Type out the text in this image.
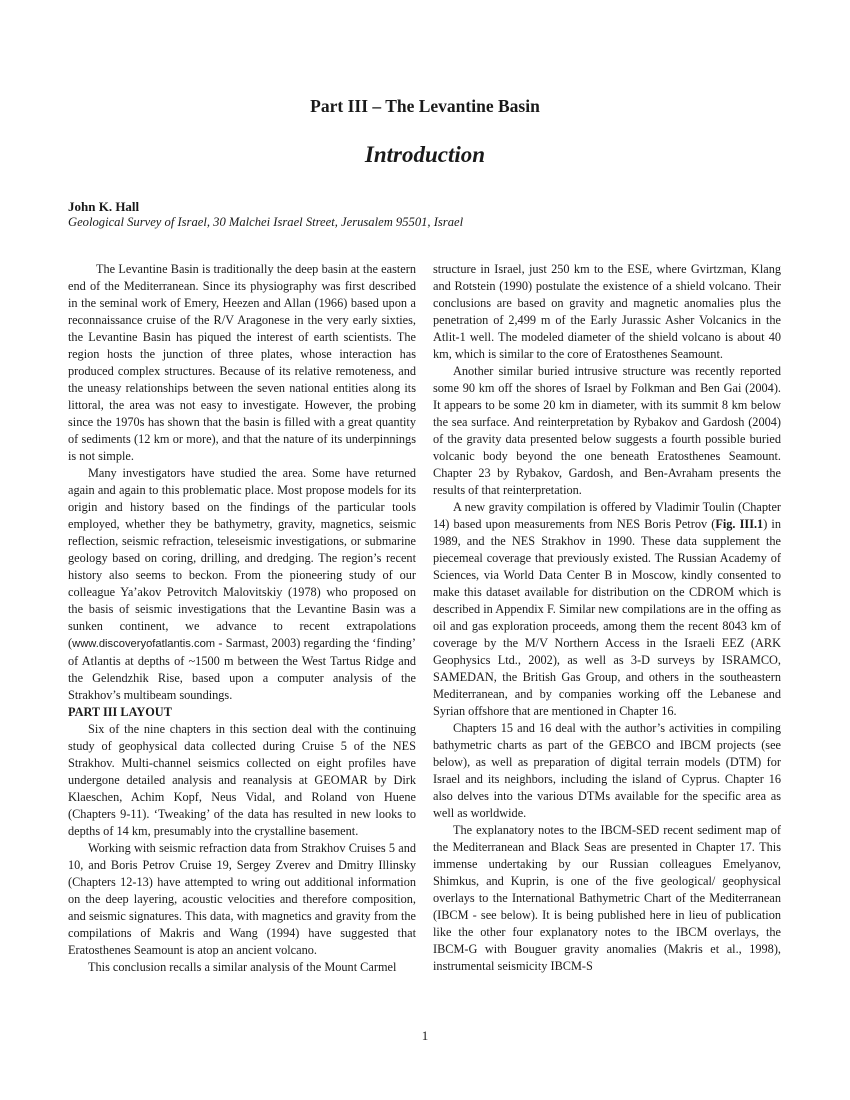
Part III – The Levantine Basin
Introduction
John K. Hall
Geological Survey of Israel, 30 Malchei Israel Street, Jerusalem 95501, Israel

The Levantine Basin is traditionally the deep basin at the eastern end of the Mediterranean. Since its physiography was first described in the seminal work of Emery, Heezen and Allan (1966) based upon a reconnaissance cruise of the R/V Aragonese in the very early sixties, the Levantine Basin has piqued the interest of earth scientists. The region hosts the junction of three plates, whose interaction has produced complex structures. Because of its relative remoteness, and the uneasy relationships between the seven national entities along its littoral, the area was not easy to investigate. However, the probing since the 1970s has shown that the basin is filled with a great quantity of sediments (12 km or more), and that the nature of its underpinnings is not simple.

Many investigators have studied the area. Some have returned again and again to this problematic place. Most propose models for its origin and history based on the findings of the particular tools employed, whether they be bathymetry, gravity, magnetics, seismic reflection, seismic refraction, teleseismic investigations, or submarine geology based on coring, drilling, and dredging. The region’s recent history also seems to beckon. From the pioneering study of our colleague Ya’akov Petrovitch Malovitskiy (1978) who proposed on the basis of seismic investigations that the Levantine Basin was a sunken continent, we advance to recent extrapolations (www.discoveryofatlantis.com - Sarmast, 2003) regarding the ‘finding’ of Atlantis at depths of ~1500 m between the West Tartus Ridge and the Gelendzhik Rise, based upon a computer analysis of the Strakhov’s multibeam soundings.

PART III LAYOUT

Six of the nine chapters in this section deal with the continuing study of geophysical data collected during Cruise 5 of the NES Strakhov. Multi-channel seismics collected on eight profiles have undergone detailed analysis and reanalysis at GEOMAR by Dirk Klaeschen, Achim Kopf, Neus Vidal, and Roland von Huene (Chapters 9-11). ‘Tweaking’ of the data has resulted in new looks to depths of 14 km, presumably into the crystalline basement.

Working with seismic refraction data from Strakhov Cruises 5 and 10, and Boris Petrov Cruise 19, Sergey Zverev and Dmitry Illinsky (Chapters 12-13) have attempted to wring out additional information on the deep layering, acoustic velocities and therefore composition, and seismic signatures. This data, with magnetics and gravity from the compilations of Makris and Wang (1994) have suggested that Eratosthenes Seamount is atop an ancient volcano.

This conclusion recalls a similar analysis of the Mount Carmel

structure in Israel, just 250 km to the ESE, where Gvirtzman, Klang and Rotstein (1990) postulate the existence of a shield volcano. Their conclusions are based on gravity and magnetic anomalies plus the penetration of 2,499 m of the Early Jurassic Asher Volcanics in the Atlit-1 well. The modeled diameter of the shield volcano is about 40 km, which is similar to the core of Eratosthenes Seamount.

Another similar buried intrusive structure was recently reported some 90 km off the shores of Israel by Folkman and Ben Gai (2004). It appears to be some 20 km in diameter, with its summit 8 km below the sea surface. And reinterpretation by Rybakov and Gardosh (2004) of the gravity data presented below suggests a fourth possible buried volcanic body beyond the one beneath Eratosthenes Seamount. Chapter 23 by Rybakov, Gardosh, and Ben-Avraham presents the results of that reinterpretation.

A new gravity compilation is offered by Vladimir Toulin (Chapter 14) based upon measurements from NES Boris Petrov (Fig. III.1) in 1989, and the NES Strakhov in 1990. These data supplement the piecemeal coverage that previously existed. The Russian Academy of Sciences, via World Data Center B in Moscow, kindly consented to make this dataset available for distribution on the CDROM which is described in Appendix F. Similar new compilations are in the offing as oil and gas exploration proceeds, among them the recent 8043 km of coverage by the M/V Northern Access in the Israeli EEZ (ARK Geophysics Ltd., 2002), as well as 3-D surveys by ISRAMCO, SAMEDAN, the British Gas Group, and others in the southeastern Mediterranean, and by companies working off the Lebanese and Syrian offshore that are mentioned in Chapter 16.

Chapters 15 and 16 deal with the author’s activities in compiling bathymetric charts as part of the GEBCO and IBCM projects (see below), as well as preparation of digital terrain models (DTM) for Israel and its neighbors, including the island of Cyprus. Chapter 16 also delves into the various DTMs available for the specific area as well as worldwide.

The explanatory notes to the IBCM-SED recent sediment map of the Mediterranean and Black Seas are presented in Chapter 17. This immense undertaking by our Russian colleagues Emelyanov, Shimkus, and Kuprin, is one of the five geological/ geophysical overlays to the International Bathymetric Chart of the Mediterranean (IBCM - see below). It is being published here in lieu of publication like the other four explanatory notes to the IBCM overlays, the IBCM-G with Bouguer gravity anomalies (Makris et al., 1998), instrumental seismicity IBCM-S

1
